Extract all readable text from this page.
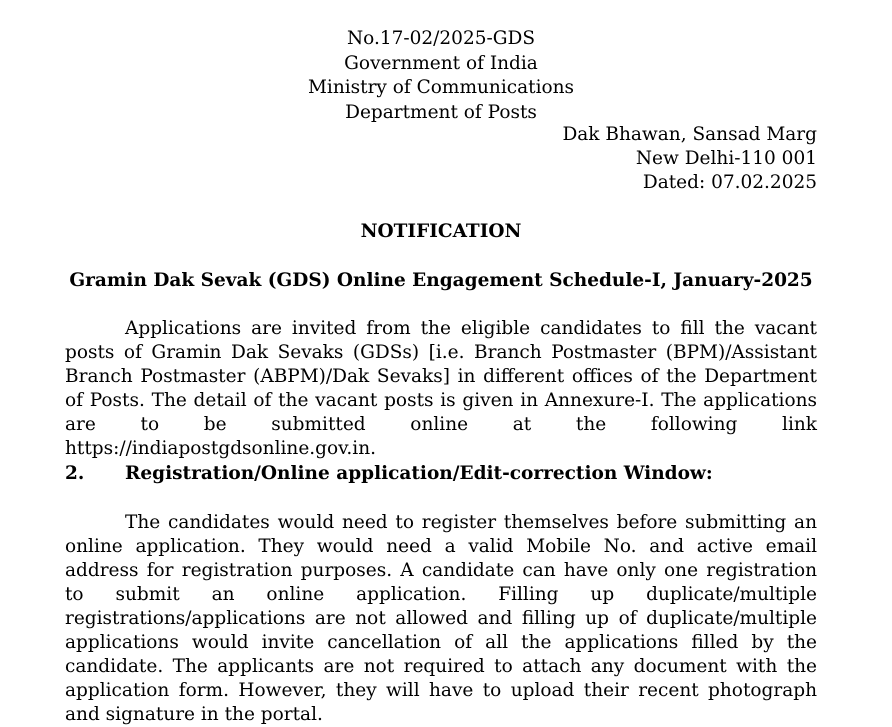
No.17-02/2025-GDS
Government of India
Ministry of Communications
Department of Posts
Dak Bhawan, Sansad Marg
New Delhi-110 001
Dated: 07.02.2025
NOTIFICATION
Gramin Dak Sevak (GDS) Online Engagement Schedule-I, January-2025

Applications are invited from the eligible candidates to fill the vacant posts of Gramin Dak Sevaks (GDSs) [i.e. Branch Postmaster (BPM)/Assistant Branch Postmaster (ABPM)/Dak Sevaks] in different offices of the Department of Posts. The detail of the vacant posts is given in Annexure-I. The applications are to be submitted online at the following link https://indiapostgdsonline.gov.in.

2. Registration/Online application/Edit-correction Window:

The candidates would need to register themselves before submitting an online application. They would need a valid Mobile No. and active email address for registration purposes. A candidate can have only one registration to submit an online application. Filling up duplicate/multiple registrations/applications are not allowed and filling up of duplicate/multiple applications would invite cancellation of all the applications filled by the candidate. The applicants are not required to attach any document with the application form. However, they will have to upload their recent photograph and signature in the portal.
